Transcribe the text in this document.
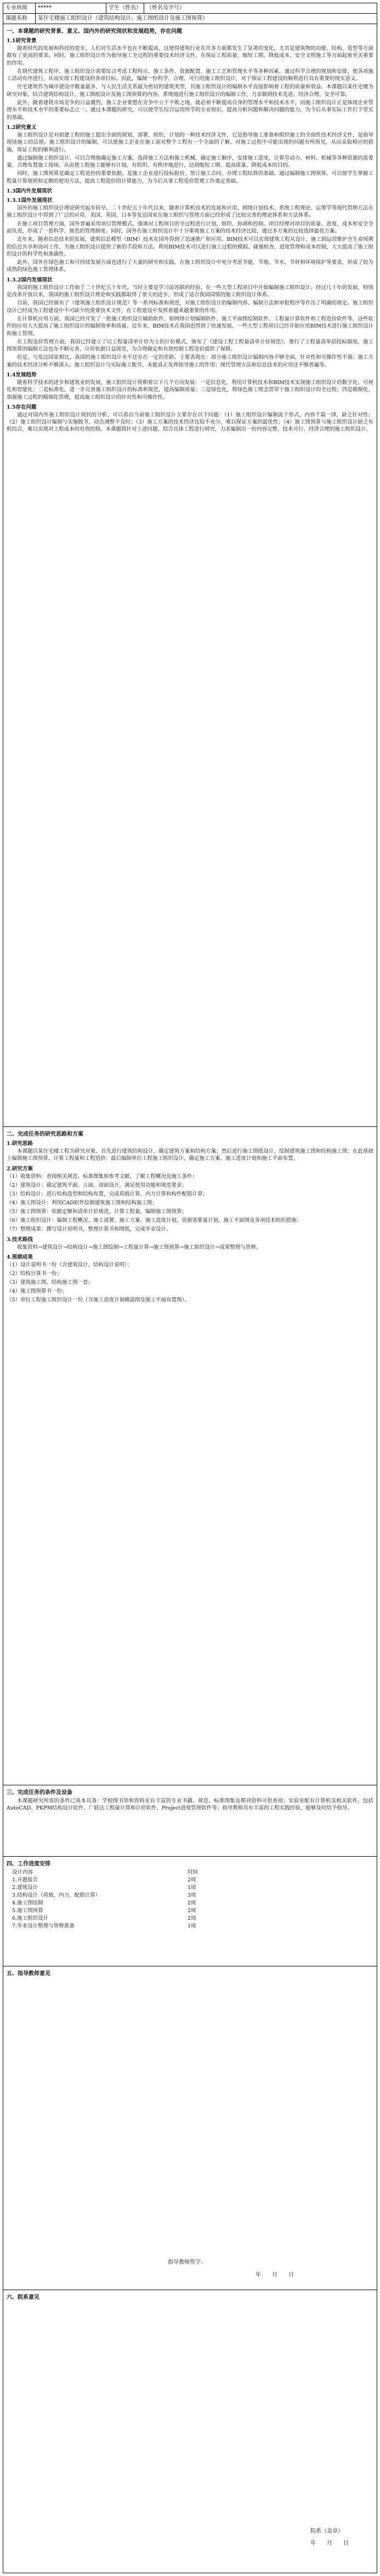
专业班级	*****	学生（姓名） （姓名及学号）
课题名称	某住宅楼施工组织设计（建筑结构设计、施工图纸设计及施工图预算）
一、本课题的研究背景、意义、国内外的研究现状和发展趋势，存在问题
1.1研究背景

随着时代的发展和科技的进步，人们对生活水平也在不断提高，这使得建筑行业在许多方面都发生了显著的变化，尤其是建筑物的功能、结构、造型等方面都有了更高的要求。同时，施工组织设计作为指导施工全过程的重要技术经济文件，在保证工程质量、缩短工期、降低成本、安全文明施工等方面起着至关重要的作用。

在现代建筑工程中，施工组织设计需要综合考虑工程特点、施工条件、资源配置、施工工艺和管理水平等多种因素，通过科学合理的规划和安排，使各项施工活动有序进行，从而实现工程建设的各项目标。因此，编制一份科学、合理、可行的施工组织设计，对于保证工程建设的顺利进行具有重要的现实意义。

住宅建筑作为城市建设中数量最多、与人民生活关系最为密切的建筑类型，其施工组织设计的编制水平直接影响着工程的质量和效益。本课题以某住宅楼为研究对象，结合建筑结构设计、施工图纸设计及施工图预算的内容，系统地进行施工组织设计的编制工作，力求做到技术先进、经济合理、安全可靠。

此外，随着建筑市场竞争的日益激烈，施工企业要想在竞争中立于不败之地，就必须不断提高自身的管理水平和技术水平，而施工组织设计正是体现企业管理水平和技术水平的重要标志之一。通过本课题的研究，可以使学生综合运用所学的专业知识，提高分析问题和解决问题的能力，为今后从事实际工作打下坚实的基础。

1.2研究意义

施工组织设计是对拟建工程的施工提出全面的规划、部署、组织、计划的一种技术经济文件，它是指导施工准备和组织施工的全面性技术经济文件，是指导现场施工的法规。施工组织设计的编制，可以使施工企业在施工前对整个工程有一个全面的了解，对施工过程中可能出现的问题有所预见，从而采取相应的措施，保证工程的顺利进行。

通过编制施工组织设计，可以合理地确定施工方案，选择施工方法和施工机械，确定施工顺序，安排施工进度，计算劳动力、材料、机械等各种资源的需要量，合理布置施工现场，从而使工程施工能够有计划、有组织、有秩序地进行，达到缩短工期、提高质量、降低成本的目的。

同时，施工图预算是确定工程造价的重要依据，是施工企业进行投标报价、签订施工合同、办理工程结算的基础。通过编制施工图预算，可以使学生掌握工程量计算规则和定额的使用方法，提高工程造价的计算能力，为今后从事工程造价管理工作奠定基础。

1.3国内外发展现状
1.3.1国外发展现状

国外的施工组织设计理论研究起步较早，二十世纪五十年代以来，随着计算机技术的发展和应用，网络计划技术、系统工程理论、运筹学等现代管理方法在施工组织设计中得到了广泛的应用。美国、英国、日本等发达国家在施工组织与管理方面已经形成了比较完善的理论体系和方法体系。

在施工项目管理方面，国外普遍采用项目管理模式，强调对工程项目的全过程进行计划、组织、协调和控制。项目经理对项目的质量、进度、成本和安全全面负责，形成了一套科学、规范的管理制度。同时，国外在施工组织设计中十分重视施工方案的技术经济比较，通过多方案的比较选择最优方案。

近年来，随着信息技术的发展，建筑信息模型（BIM）技术在国外得到了迅速推广和应用。BIM技术可以实现建筑工程从设计、施工到运营维护全生命周期的信息共享和协同工作，为施工组织设计提供了新的手段和方法。利用BIM技术可以进行施工过程的模拟、碰撞检查、进度管理和成本控制，大大提高了施工组织设计的科学性和准确性。

此外，国外在绿色施工和可持续发展方面也进行了大量的研究和实践，在施工组织设计中充分考虑节能、节地、节水、节材和环境保护等要求，形成了较为成熟的绿色施工管理体系。

1.3.2国内发展现状

我国的施工组织设计工作始于二十世纪五十年代，当时主要是学习前苏联的经验，在一些大型工程项目中开始编制施工组织设计。经过几十年的发展，特别是改革开放以来，我国的施工组织设计理论和实践都取得了很大的进步，形成了适合我国国情的施工组织设计体系。

目前，我国已经颁布了《建筑施工组织设计规范》等一系列标准和规范，对施工组织设计的编制内容、编制方法和审批程序等作出了明确的规定。施工组织设计已经成为工程建设中不可缺少的重要技术文件，在工程建设中发挥着越来越重要的作用。

在计算机应用方面，我国已经开发了一批施工组织设计辅助软件，如网络计划编制软件、施工平面图绘制软件、工程量计算软件和工程造价软件等，这些软件的应用大大提高了施工组织设计的编制效率和质量。近年来，BIM技术在我国也得到了快速发展，一些大型工程项目已经开始应用BIM技术进行施工组织设计和施工管理。

在工程造价管理方面，我国已经建立了以工程量清单计价为主的计价模式，颁布了《建设工程工程量清单计价规范》，推行了工程量清单招投标制度。施工图预算的编制方法也在不断完善，计价依据日益规范，为合理确定和有效控制工程造价提供了保障。

但是，与发达国家相比，我国的施工组织设计水平还存在一定的差距。主要表现在：部分施工组织设计编制内容不够全面，针对性和可操作性不强；施工方案的技术经济分析不够深入；施工组织设计与实际施工脱节，未能真正发挥指导施工的作用；现代管理方法和信息技术的应用还不够普遍等。

1.4发展趋势

随着科学技术的进步和建筑业的发展，施工组织设计将朝着以下几个方向发展：一是信息化，利用计算机技术和BIM技术实现施工组织设计的数字化、可视化和智能化；二是标准化，进一步完善施工组织设计的标准和规范，提高编制质量；三是绿色化，将绿色施工理念贯穿于施工组织设计的全过程；四是精细化，加强施工过程的精细化管理，提高施工组织设计的针对性和可操作性。

1.5存在问题

通过对国内外施工组织设计现状的分析，可以看出当前施工组织设计主要存在以下问题：（1）施工组织设计编制流于形式，内容千篇一律，缺乏针对性；（2）施工组织设计编制与实施脱节，动态调整不及时；（3）施工方案的技术经济比较不充分，难以保证方案的最优性；（4）施工图预算与施工组织设计缺乏有机结合，难以实现对工程成本的有效控制。本课题将针对上述问题，结合具体工程进行研究，力求编制出一份内容完整、技术可行、经济合理的施工组织设计。

二、完成任务的研究思路和方案
1.研究思路

本课题以某住宅楼工程为研究对象，首先进行建筑结构设计，确定建筑方案和结构方案；然后进行施工图纸设计，绘制建筑施工图和结构施工图；在此基础上编制施工图预算，计算工程量和工程造价；最后编制单位工程施工组织设计，确定施工方案、施工进度计划和施工平面布置。

2.研究方案
（1）收集资料：查阅相关规范、标准图集和参考文献，了解工程概况及施工条件；
（2）建筑设计：确定建筑平面、立面、剖面设计，满足使用功能和规范要求；
（3）结构设计：进行结构选型和结构布置，完成荷载计算、内力计算和构件配筋计算；
（4）施工图设计：利用CAD软件绘制建筑施工图和结构施工图；
（5）施工图预算：依据定额和清单计价规范，计算工程量，编制施工图预算；
（6）施工组织设计：编制工程概况、施工部署、施工方案、施工进度计划、资源需要量计划、施工平面图及各项技术组织措施；
（7）整理成果：撰写设计说明书，整理计算书和图纸，完成毕业设计。
3.技术路线

收集资料→建筑设计→结构设计→施工图绘制→工程量计算→施工图预算→施工组织设计→成果整理与答辩。

4.预期成果
（1）设计说明书一份（含建筑设计、结构设计说明）；
（2）结构计算书一份；
（3）建筑施工图、结构施工图一套；
（4）施工图预算书一份；
（5）单位工程施工组织设计一份（含施工进度计划横道图及施工平面布置图）。
三、完成任务的条件及设备

本课题研究所需的条件已基本具备：学校图书馆和资料室有丰富的专业书籍、规范、标准图集及期刊资料可供查阅；实验室配有计算机及相关软件，包括AutoCAD、PKPM结构设计软件、广联达工程量计算和计价软件、Project进度管理软件等；指导教师具有丰富的工程实践经验，能够及时给予指导。

四、工作进度安排
设计内容	时间
1.开题报告	2周
2.建筑设计	1周
3.结构设计（荷载、内力、配筋计算）	3周
4.施工图绘制	2周
5.施工图预算	2周
6.施工组织设计	2周
7.毕业设计整理与答辩准备	1周
五、指导教师意见
指导教师签字：
年　　月　　日
六、院系意见
院系（盖章）
年　　月　　日
